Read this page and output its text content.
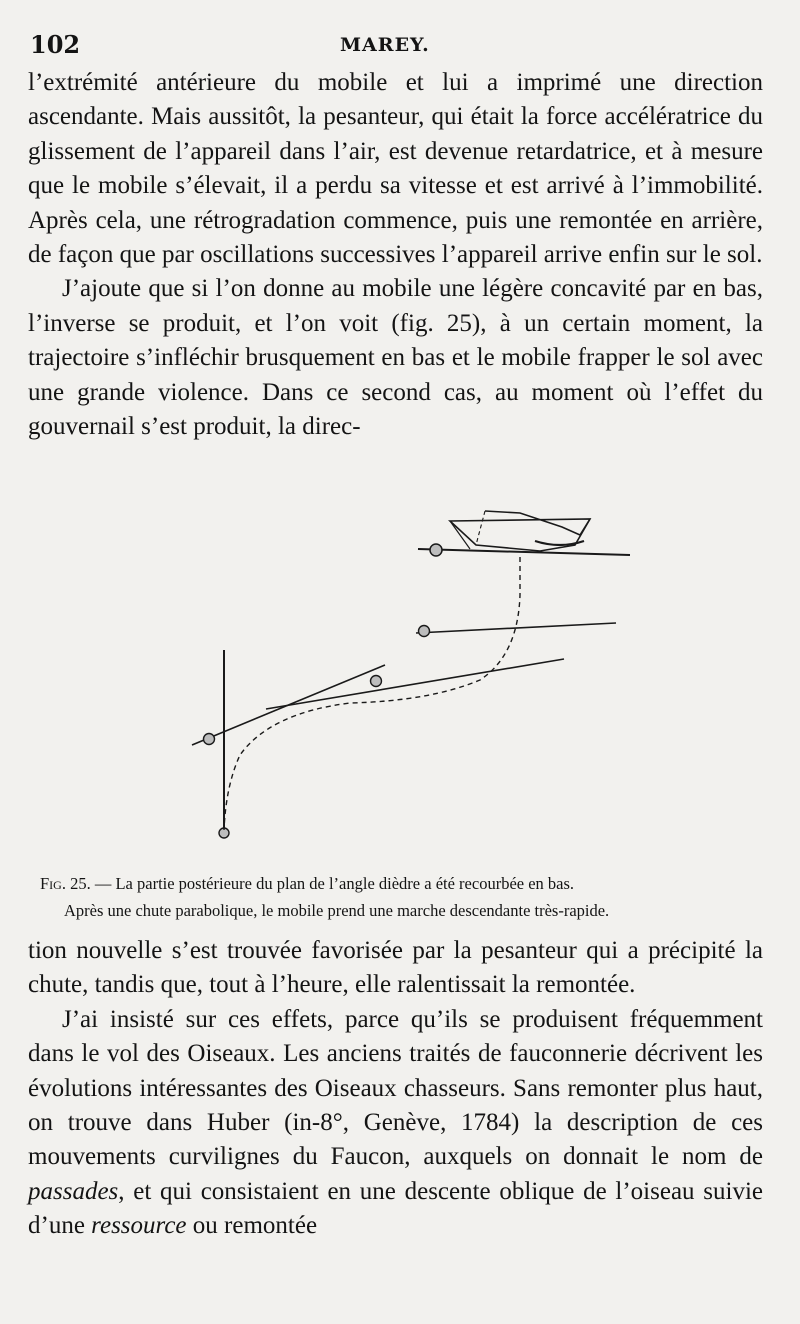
102	MAREY.

l’extrémité antérieure du mobile et lui a imprimé une direction ascendante. Mais aussitôt, la pesanteur, qui était la force accélératrice du glissement de l’appareil dans l’air, est devenue retardatrice, et à mesure que le mobile s’élevait, il a perdu sa vitesse et est arrivé à l’immobilité. Après cela, une rétrogradation commence, puis une remontée en arrière, de façon que par oscillations successives l’appareil arrive enfin sur le sol.

J’ajoute que si l’on donne au mobile une légère concavité par en bas, l’inverse se produit, et l’on voit (fig. 25), à un certain moment, la trajectoire s’infléchir brusquement en bas et le mobile frapper le sol avec une grande violence. Dans ce second cas, au moment où l’effet du gouvernail s’est produit, la direc-

Fig. 25. — La partie postérieure du plan de l’angle dièdre a été recourbée en bas.
Après une chute parabolique, le mobile prend une marche descendante très-rapide.

tion nouvelle s’est trouvée favorisée par la pesanteur qui a précipité la chute, tandis que, tout à l’heure, elle ralentissait la remontée.

J’ai insisté sur ces effets, parce qu’ils se produisent fréquemment dans le vol des Oiseaux. Les anciens traités de fauconnerie décrivent les évolutions intéressantes des Oiseaux chasseurs. Sans remonter plus haut, on trouve dans Huber (in-8°, Genève, 1784) la description de ces mouvements curvilignes du Faucon, auxquels on donnait le nom de passades, et qui consistaient en une descente oblique de l’oiseau suivie d’une ressource ou remontée
